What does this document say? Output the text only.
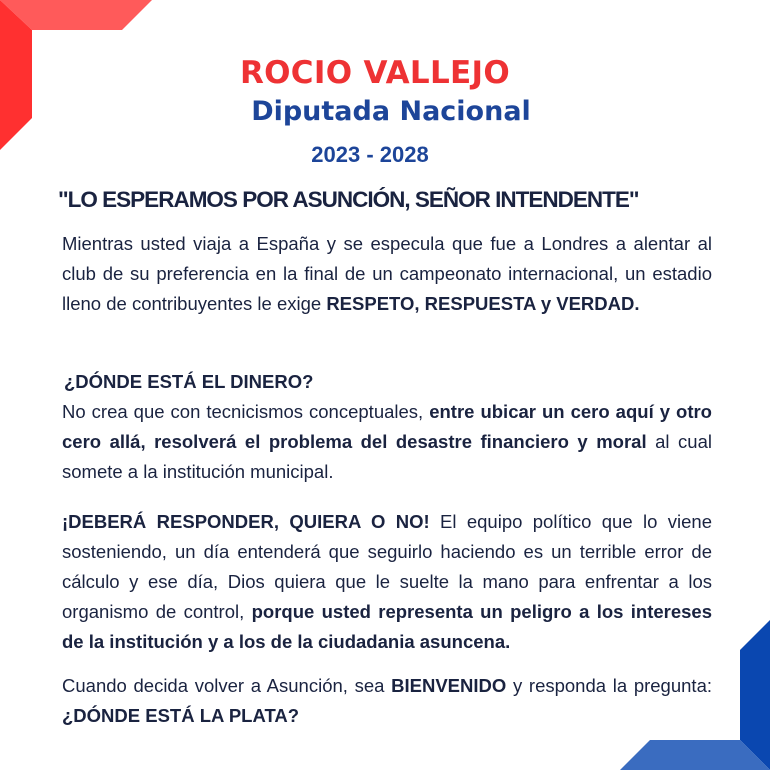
ROCIO VALLEJO
Diputada Nacional
2023 - 2028
"LO ESPERAMOS POR ASUNCIÓN, SEÑOR INTENDENTE"
Mientras usted viaja a España y se especula que fue a Londres a alentar al club de su preferencia en la final de un campeonato internacional, un estadio lleno de contribuyentes le exige RESPETO, RESPUESTA y VERDAD.
¿DÓNDE ESTÁ EL DINERO?
No crea que con tecnicismos conceptuales, entre ubicar un cero aquí y otro cero allá, resolverá el problema del desastre financiero y moral al cual somete a la institución municipal.
¡DEBERÁ RESPONDER, QUIERA O NO! El equipo político que lo viene sosteniendo, un día entenderá que seguirlo haciendo es un terrible error de cálculo y ese día, Dios quiera que le suelte la mano para enfrentar a los organismo de control, porque usted representa un peligro a los intereses de la institución y a los de la ciudadania asuncena.
Cuando decida volver a Asunción, sea BIENVENIDO y responda la pregunta: ¿DÓNDE ESTÁ LA PLATA?
